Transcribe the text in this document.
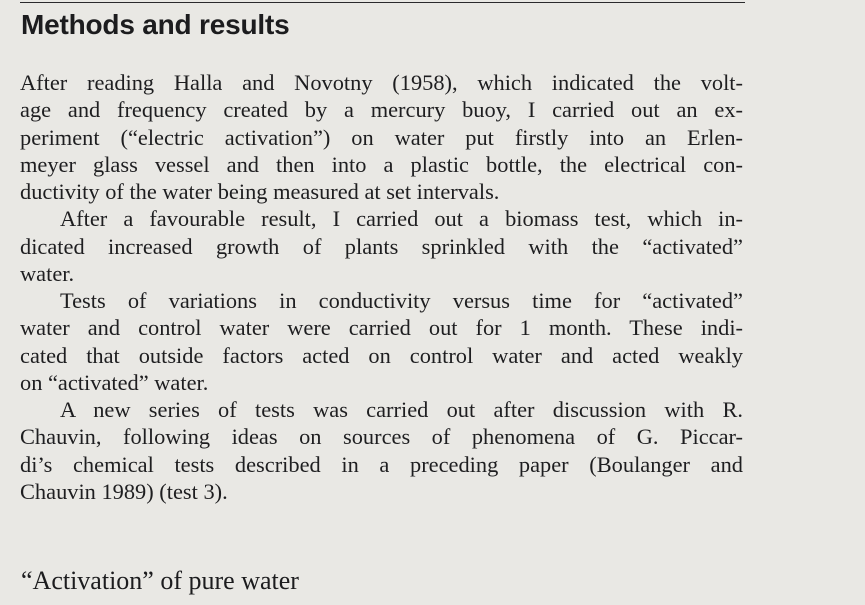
Methods and results

After reading Halla and Novotny (1958), which indicated the volt-
age and frequency created by a mercury buoy, I carried out an ex-
periment (“electric activation”) on water put firstly into an Erlen-
meyer glass vessel and then into a plastic bottle, the electrical con-
ductivity of the water being measured at set intervals.

After a favourable result, I carried out a biomass test, which in-
dicated increased growth of plants sprinkled with the “activated”
water.

Tests of variations in conductivity versus time for “activated”
water and control water were carried out for 1 month. These indi-
cated that outside factors acted on control water and acted weakly
on “activated” water.

A new series of tests was carried out after discussion with R.
Chauvin, following ideas on sources of phenomena of G. Piccar-
di’s chemical tests described in a preceding paper (Boulanger and
Chauvin 1989) (test 3).

“Activation” of pure water
